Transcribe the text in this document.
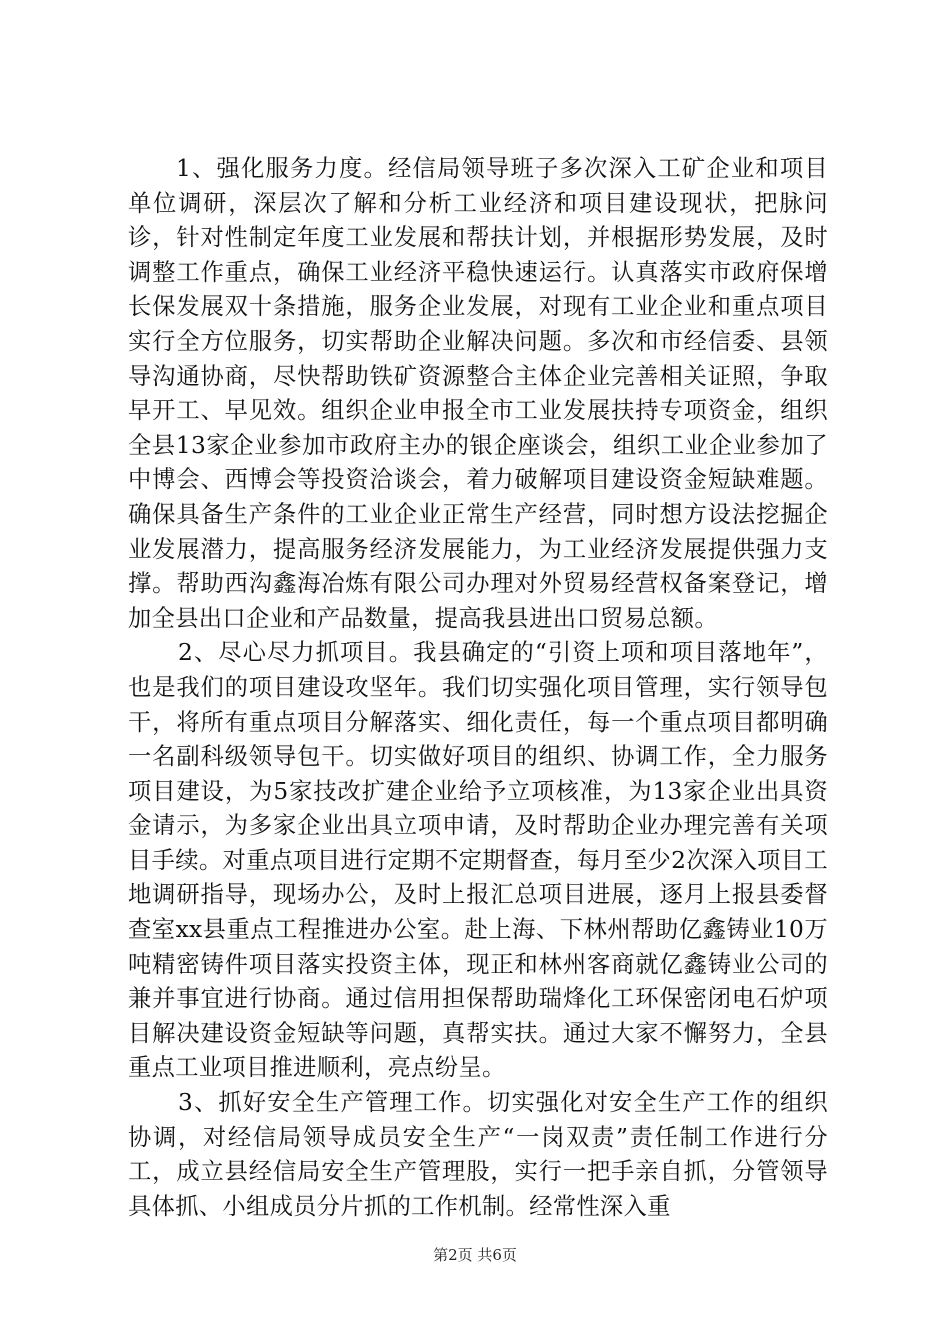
1、强化服务力度。经信局领导班子多次深入工矿企业和项目单位调研，深层次了解和分析工业经济和项目建设现状，把脉问诊，针对性制定年度工业发展和帮扶计划，并根据形势发展，及时调整工作重点，确保工业经济平稳快速运行。认真落实市政府保增长保发展双十条措施，服务企业发展，对现有工业企业和重点项目实行全方位服务，切实帮助企业解决问题。多次和市经信委、县领导沟通协商，尽快帮助铁矿资源整合主体企业完善相关证照，争取早开工、早见效。组织企业申报全市工业发展扶持专项资金，组织全县13家企业参加市政府主办的银企座谈会，组织工业企业参加了中博会、西博会等投资洽谈会，着力破解项目建设资金短缺难题。确保具备生产条件的工业企业正常生产经营，同时想方设法挖掘企业发展潜力，提高服务经济发展能力，为工业经济发展提供强力支撑。帮助西沟鑫海冶炼有限公司办理对外贸易经营权备案登记，增加全县出口企业和产品数量，提高我县进出口贸易总额。

2、尽心尽力抓项目。我县确定的“引资上项和项目落地年”，也是我们的项目建设攻坚年。我们切实强化项目管理，实行领导包干，将所有重点项目分解落实、细化责任，每一个重点项目都明确一名副科级领导包干。切实做好项目的组织、协调工作，全力服务项目建设，为5家技改扩建企业给予立项核准，为13家企业出具资金请示，为多家企业出具立项申请，及时帮助企业办理完善有关项目手续。对重点项目进行定期不定期督查，每月至少2次深入项目工地调研指导，现场办公，及时上报汇总项目进展，逐月上报县委督查室xx县重点工程推进办公室。赴上海、下林州帮助亿鑫铸业10万吨精密铸件项目落实投资主体，现正和林州客商就亿鑫铸业公司的兼并事宜进行协商。通过信用担保帮助瑞烽化工环保密闭电石炉项目解决建设资金短缺等问题，真帮实扶。通过大家不懈努力，全县重点工业项目推进顺利，亮点纷呈。

3、抓好安全生产管理工作。切实强化对安全生产工作的组织协调，对经信局领导成员安全生产“一岗双责”责任制工作进行分工，成立县经信局安全生产管理股，实行一把手亲自抓，分管领导具体抓、小组成员分片抓的工作机制。经常性深入重

第2页 共6页
